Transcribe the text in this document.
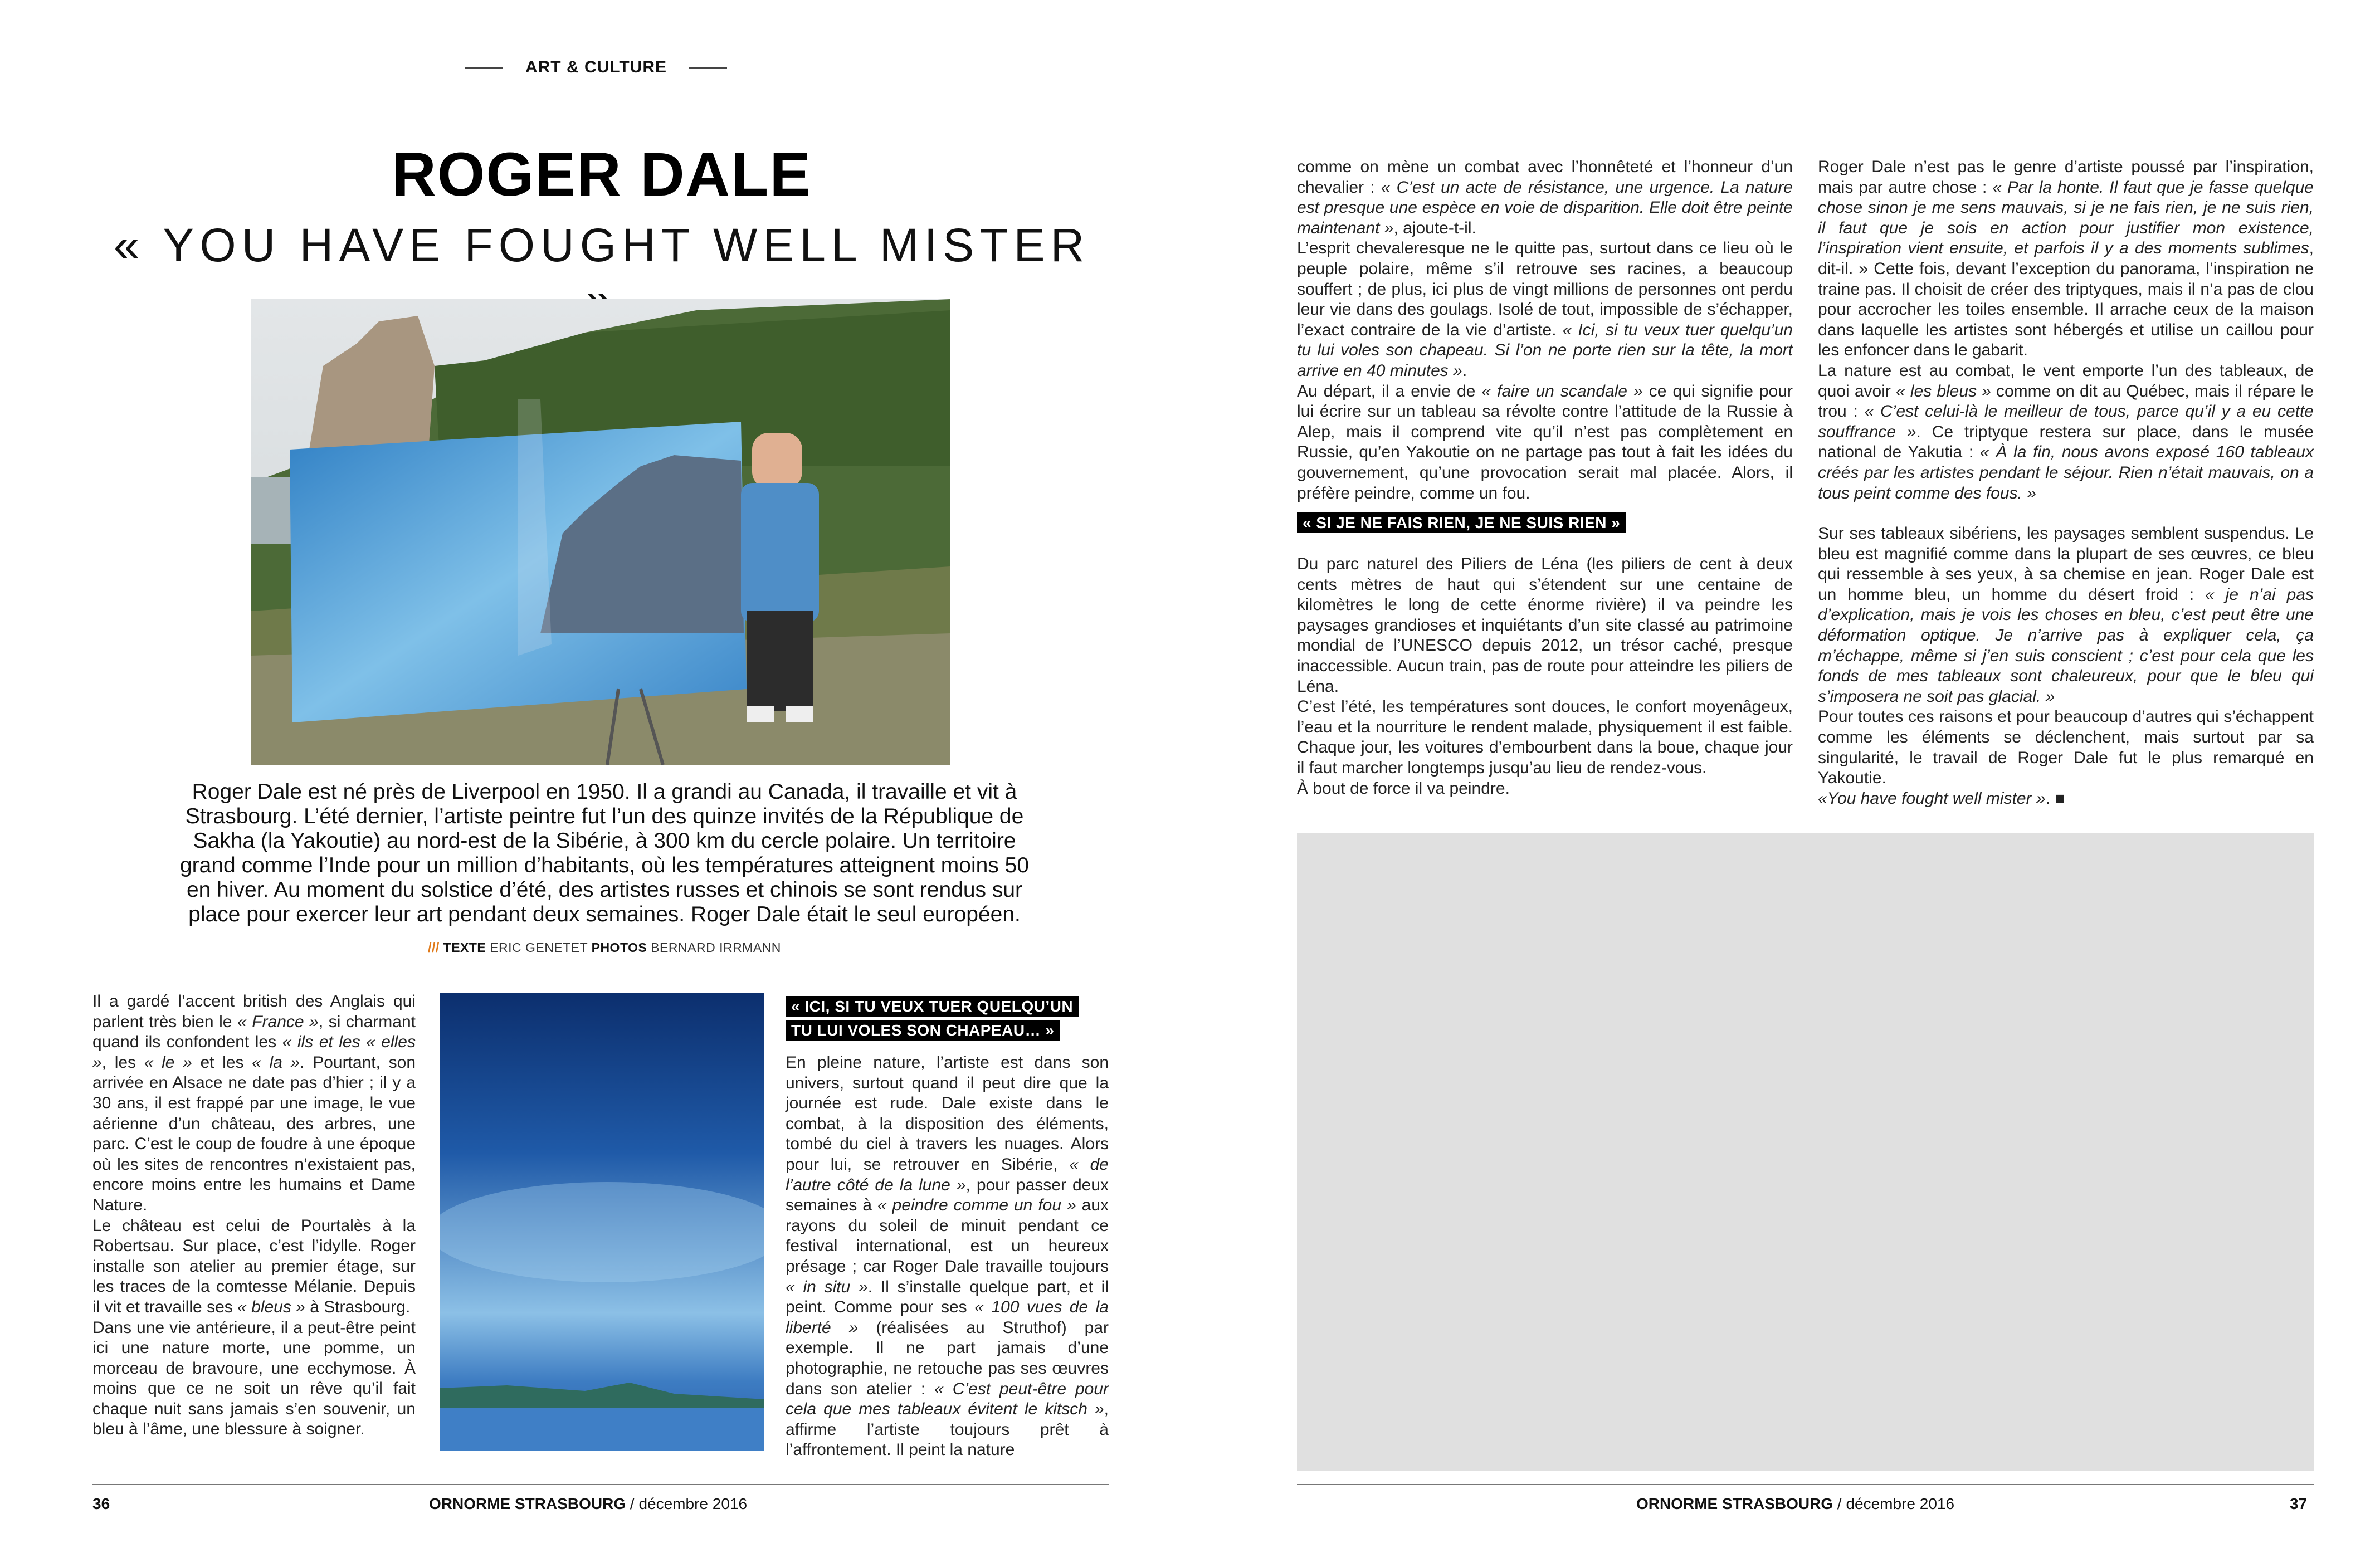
ART & CULTURE
ROGER DALE
« YOU HAVE FOUGHT WELL MISTER
Roger Dale est né près de Liverpool en 1950. Il a grandi au Canada, il travaille et vit à Strasbourg. L’été dernier, l’artiste peintre fut l’un des quinze invités de la République de Sakha (la Yakoutie) au nord-est de la Sibérie, à 300 km du cercle polaire. Un territoire grand comme l’Inde pour un million d’habitants, où les températures atteignent moins 50 en hiver. Au moment du solstice d’été, des artistes russes et chinois se sont rendus sur place pour exercer leur art pendant deux semaines. Roger Dale était le seul européen.
/// TEXTE ERIC GENETET PHOTOS BERNARD IRRMANN

Il a gardé l’accent british des Anglais qui parlent très bien le « France », si charmant quand ils confondent les « ils et les « elles », les « le » et les « la ». Pourtant, son arrivée en Alsace ne date pas d’hier ; il y a 30 ans, il est frappé par une image, le vue aérienne d’un château, des arbres, une parc. C’est le coup de foudre à une époque où les sites de rencontres n’existaient pas, encore moins entre les humains et Dame Nature.

Le château est celui de Pourtalès à la Robertsau. Sur place, c’est l’idylle. Roger installe son atelier au premier étage, sur les traces de la comtesse Mélanie. Depuis il vit et travaille ses « bleus » à Strasbourg.

Dans une vie antérieure, il a peut-être peint ici une nature morte, une pomme, un morceau de bravoure, une ecchymose. À moins que ce ne soit un rêve qu’il fait chaque nuit sans jamais s’en souvenir, un bleu à l’âme, une blessure à soigner.

« ICI, SI TU VEUX TUER QUELQU’UN
TU LUI VOLES SON CHAPEAU… »

En pleine nature, l’artiste est dans son univers, surtout quand il peut dire que la journée est rude. Dale existe dans le combat, à la disposition des éléments, tombé du ciel à travers les nuages. Alors pour lui, se retrouver en Sibérie, « de l’autre côté de la lune », pour passer deux semaines à « peindre comme un fou » aux rayons du soleil de minuit pendant ce festival international, est un heureux présage ; car Roger Dale travaille toujours « in situ ». Il s’installe quelque part, et il peint. Comme pour ses « 100 vues de la liberté » (réalisées au Struthof) par exemple. Il ne part jamais d’une photographie, ne retouche pas ses œuvres dans son atelier : « C’est peut-être pour cela que mes tableaux évitent le kitsch », affirme l’artiste toujours prêt à l’affrontement. Il peint la nature

comme on mène un combat avec l’honnêteté et l’honneur d’un chevalier : « C’est un acte de résistance, une urgence. La nature est presque une espèce en voie de disparition. Elle doit être peinte maintenant », ajoute-t-il.

L’esprit chevaleresque ne le quitte pas, surtout dans ce lieu où le peuple polaire, même s’il retrouve ses racines, a beaucoup souffert ; de plus, ici plus de vingt millions de personnes ont perdu leur vie dans des goulags. Isolé de tout, impossible de s’échapper, l’exact contraire de la vie d’artiste. « Ici, si tu veux tuer quelqu’un tu lui voles son chapeau. Si l’on ne porte rien sur la tête, la mort arrive en 40 minutes ».

Au départ, il a envie de « faire un scandale » ce qui signifie pour lui écrire sur un tableau sa révolte contre l’attitude de la Russie à Alep, mais il comprend vite qu’il n’est pas complètement en Russie, qu’en Yakoutie on ne partage pas tout à fait les idées du gouvernement, qu’une provocation serait mal placée. Alors, il préfère peindre, comme un fou.

« SI JE NE FAIS RIEN, JE NE SUIS RIEN »

Du parc naturel des Piliers de Léna (les piliers de cent à deux cents mètres de haut qui s’étendent sur une centaine de kilomètres le long de cette énorme rivière) il va peindre les paysages grandioses et inquiétants d’un site classé au patrimoine mondial de l’UNESCO depuis 2012, un trésor caché, presque inaccessible. Aucun train, pas de route pour atteindre les piliers de Léna.

C’est l’été, les températures sont douces, le confort moyenâgeux, l’eau et la nourriture le rendent malade, physiquement il est faible. Chaque jour, les voitures d’embourbent dans la boue, chaque jour il faut marcher longtemps jusqu’au lieu de rendez-vous.

À bout de force il va peindre.

Roger Dale n’est pas le genre d’artiste poussé par l’inspiration, mais par autre chose : « Par la honte. Il faut que je fasse quelque chose sinon je me sens mauvais, si je ne fais rien, je ne suis rien, il faut que je sois en action pour justifier mon existence, l’inspiration vient ensuite, et parfois il y a des moments sublimes, dit-il. » Cette fois, devant l’exception du panorama, l’inspiration ne traine pas. Il choisit de créer des triptyques, mais il n’a pas de clou pour accrocher les toiles ensemble. Il arrache ceux de la maison dans laquelle les artistes sont hébergés et utilise un caillou pour les enfoncer dans le gabarit.

La nature est au combat, le vent emporte l’un des tableaux, de quoi avoir « les bleus » comme on dit au Québec, mais il répare le trou : « C’est celui-là le meilleur de tous, parce qu’il y a eu cette souffrance ». Ce triptyque restera sur place, dans le musée national de Yakutia : « À la fin, nous avons exposé 160 tableaux créés par les artistes pendant le séjour. Rien n’était mauvais, on a tous peint comme des fous. »

Sur ses tableaux sibériens, les paysages semblent suspendus. Le bleu est magnifié comme dans la plupart de ses œuvres, ce bleu qui ressemble à ses yeux, à sa chemise en jean. Roger Dale est un homme bleu, un homme du désert froid : « je n’ai pas d’explication, mais je vois les choses en bleu, c’est peut être une déformation optique. Je n’arrive pas à expliquer cela, ça m’échappe, même si j’en suis conscient ; c’est pour cela que les fonds de mes tableaux sont chaleureux, pour que le bleu qui s’imposera ne soit pas glacial. »

Pour toutes ces raisons et pour beaucoup d’autres qui s’échappent comme les éléments se déclenchent, mais surtout par sa singularité, le travail de Roger Dale fut le plus remarqué en Yakoutie.

«You have fought well mister ». ■

36	ORNORME STRASBOURG / décembre 2016	ORNORME STRASBOURG / décembre 2016	37
